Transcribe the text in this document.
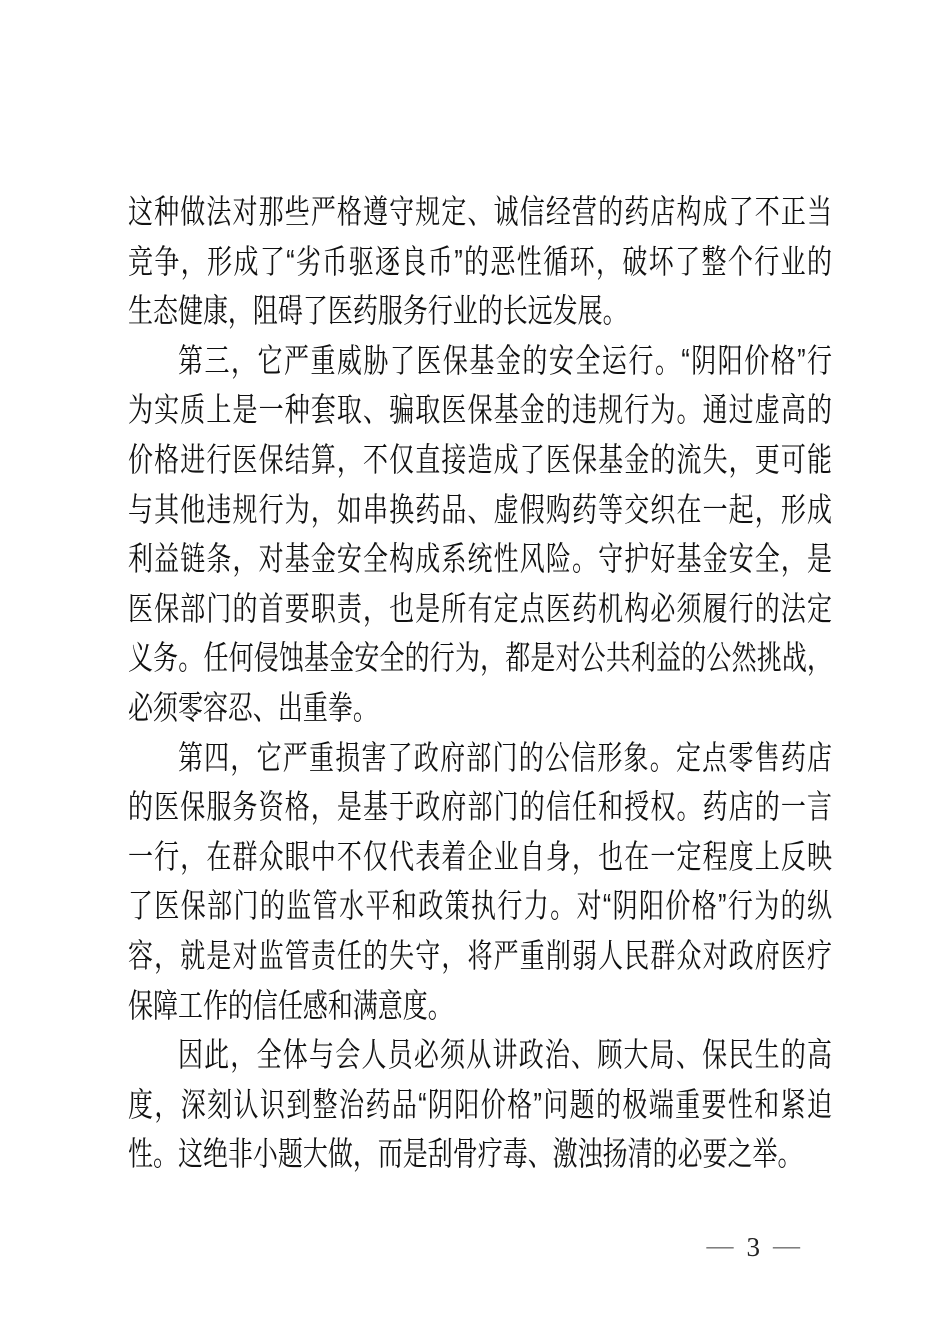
这种做法对那些严格遵守规定、诚信经营的药店构成了不正当
竞争，形成了“劣币驱逐良币”的恶性循环，破坏了整个行业的
生态健康，阻碍了医药服务行业的长远发展。
第三，它严重威胁了医保基金的安全运行。“阴阳价格”行
为实质上是一种套取、骗取医保基金的违规行为。通过虚高的
价格进行医保结算，不仅直接造成了医保基金的流失，更可能
与其他违规行为，如串换药品、虚假购药等交织在一起，形成
利益链条，对基金安全构成系统性风险。守护好基金安全，是
医保部门的首要职责，也是所有定点医药机构必须履行的法定
义务。任何侵蚀基金安全的行为，都是对公共利益的公然挑战，
必须零容忍、出重拳。
第四，它严重损害了政府部门的公信形象。定点零售药店
的医保服务资格，是基于政府部门的信任和授权。药店的一言
一行，在群众眼中不仅代表着企业自身，也在一定程度上反映
了医保部门的监管水平和政策执行力。对“阴阳价格”行为的纵
容，就是对监管责任的失守，将严重削弱人民群众对政府医疗
保障工作的信任感和满意度。
因此，全体与会人员必须从讲政治、顾大局、保民生的高
度，深刻认识到整治药品“阴阳价格”问题的极端重要性和紧迫
性。这绝非小题大做，而是刮骨疗毒、激浊扬清的必要之举。
— 3 —
